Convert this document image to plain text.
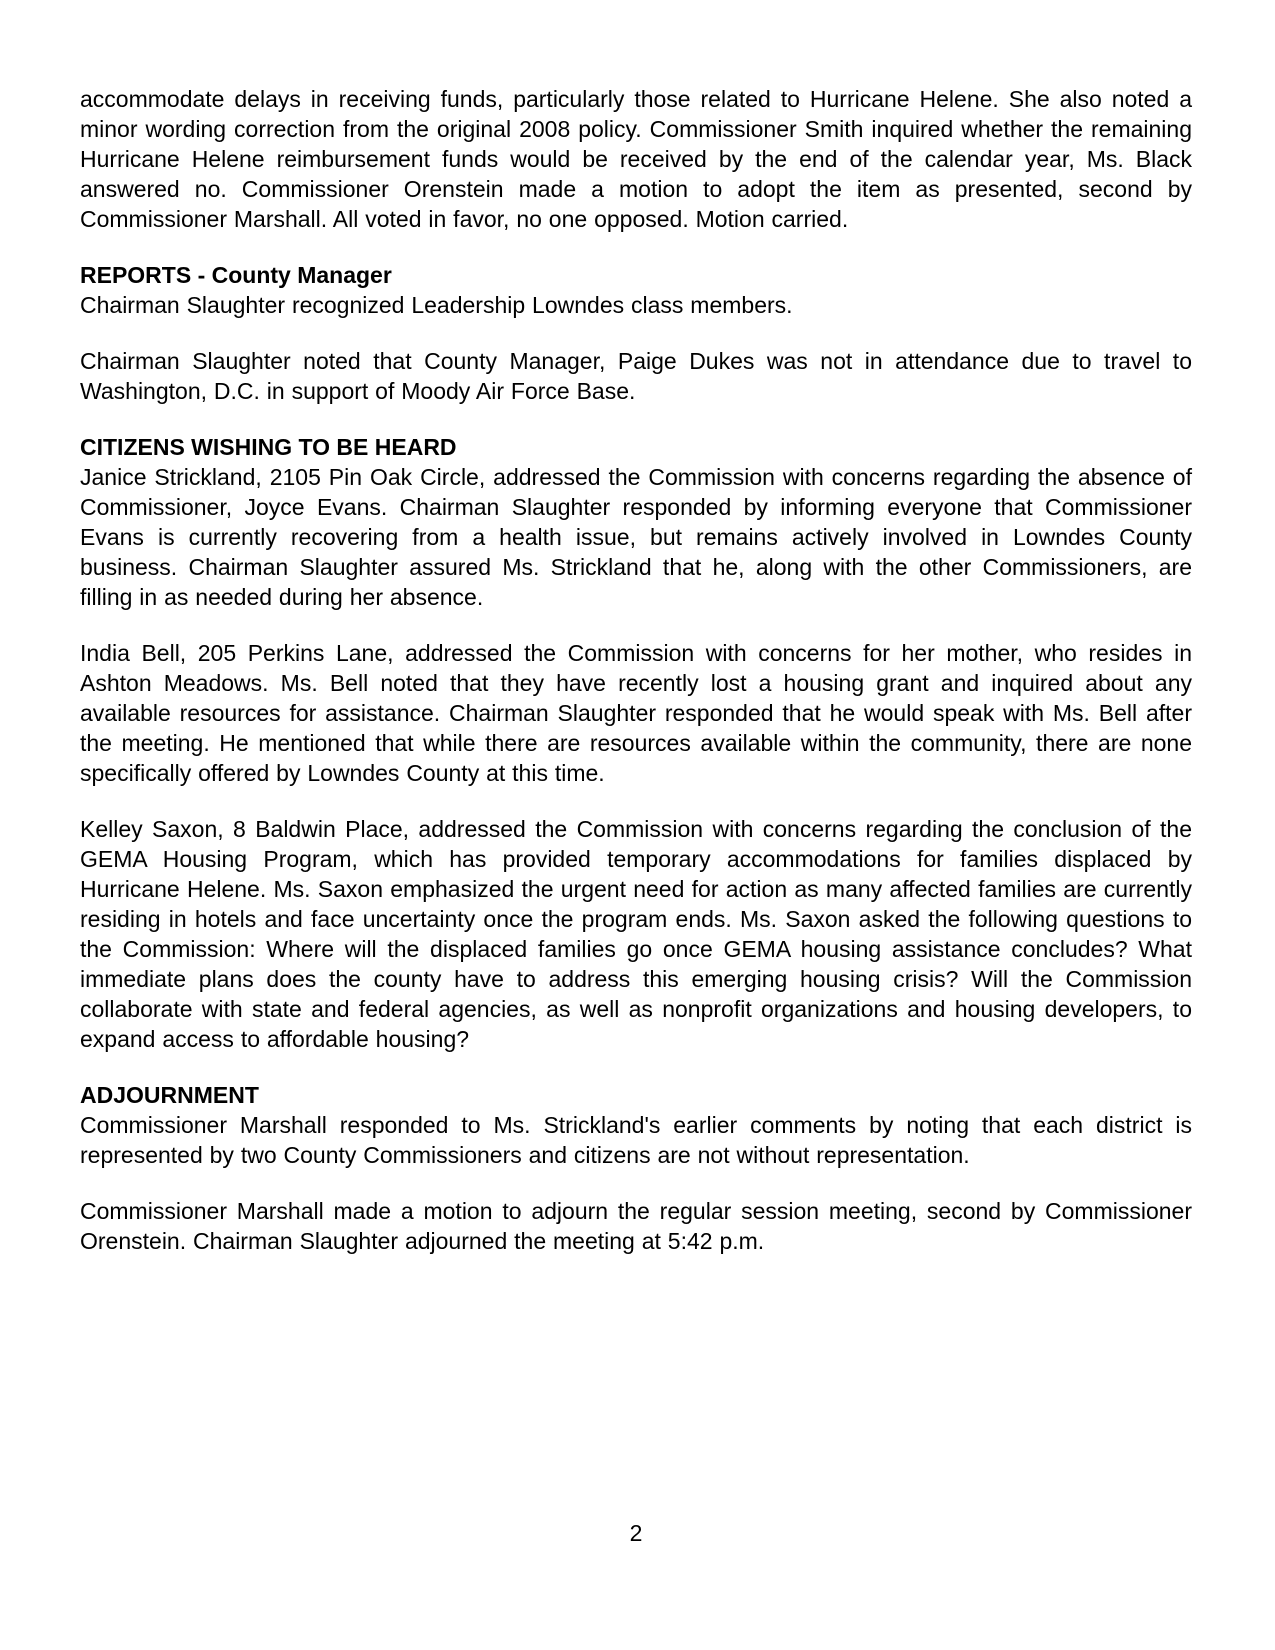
accommodate delays in receiving funds, particularly those related to Hurricane Helene. She also noted a minor wording correction from the original 2008 policy. Commissioner Smith inquired whether the remaining Hurricane Helene reimbursement funds would be received by the end of the calendar year, Ms. Black answered no. Commissioner Orenstein made a motion to adopt the item as presented, second by Commissioner Marshall. All voted in favor, no one opposed. Motion carried.

REPORTS - County Manager

Chairman Slaughter recognized Leadership Lowndes class members.

Chairman Slaughter noted that County Manager, Paige Dukes was not in attendance due to travel to Washington, D.C. in support of Moody Air Force Base.

CITIZENS WISHING TO BE HEARD

Janice Strickland, 2105 Pin Oak Circle, addressed the Commission with concerns regarding the absence of Commissioner, Joyce Evans. Chairman Slaughter responded by informing everyone that Commissioner Evans is currently recovering from a health issue, but remains actively involved in Lowndes County business. Chairman Slaughter assured Ms. Strickland that he, along with the other Commissioners, are filling in as needed during her absence.

India Bell, 205 Perkins Lane, addressed the Commission with concerns for her mother, who resides in Ashton Meadows. Ms. Bell noted that they have recently lost a housing grant and inquired about any available resources for assistance. Chairman Slaughter responded that he would speak with Ms. Bell after the meeting. He mentioned that while there are resources available within the community, there are none specifically offered by Lowndes County at this time.

Kelley Saxon, 8 Baldwin Place, addressed the Commission with concerns regarding the conclusion of the GEMA Housing Program, which has provided temporary accommodations for families displaced by Hurricane Helene. Ms. Saxon emphasized the urgent need for action as many affected families are currently residing in hotels and face uncertainty once the program ends. Ms. Saxon asked the following questions to the Commission: Where will the displaced families go once GEMA housing assistance concludes? What immediate plans does the county have to address this emerging housing crisis? Will the Commission collaborate with state and federal agencies, as well as nonprofit organizations and housing developers, to expand access to affordable housing?

ADJOURNMENT

Commissioner Marshall responded to Ms. Strickland's earlier comments by noting that each district is represented by two County Commissioners and citizens are not without representation.

Commissioner Marshall made a motion to adjourn the regular session meeting, second by Commissioner Orenstein. Chairman Slaughter adjourned the meeting at 5:42 p.m.

2
